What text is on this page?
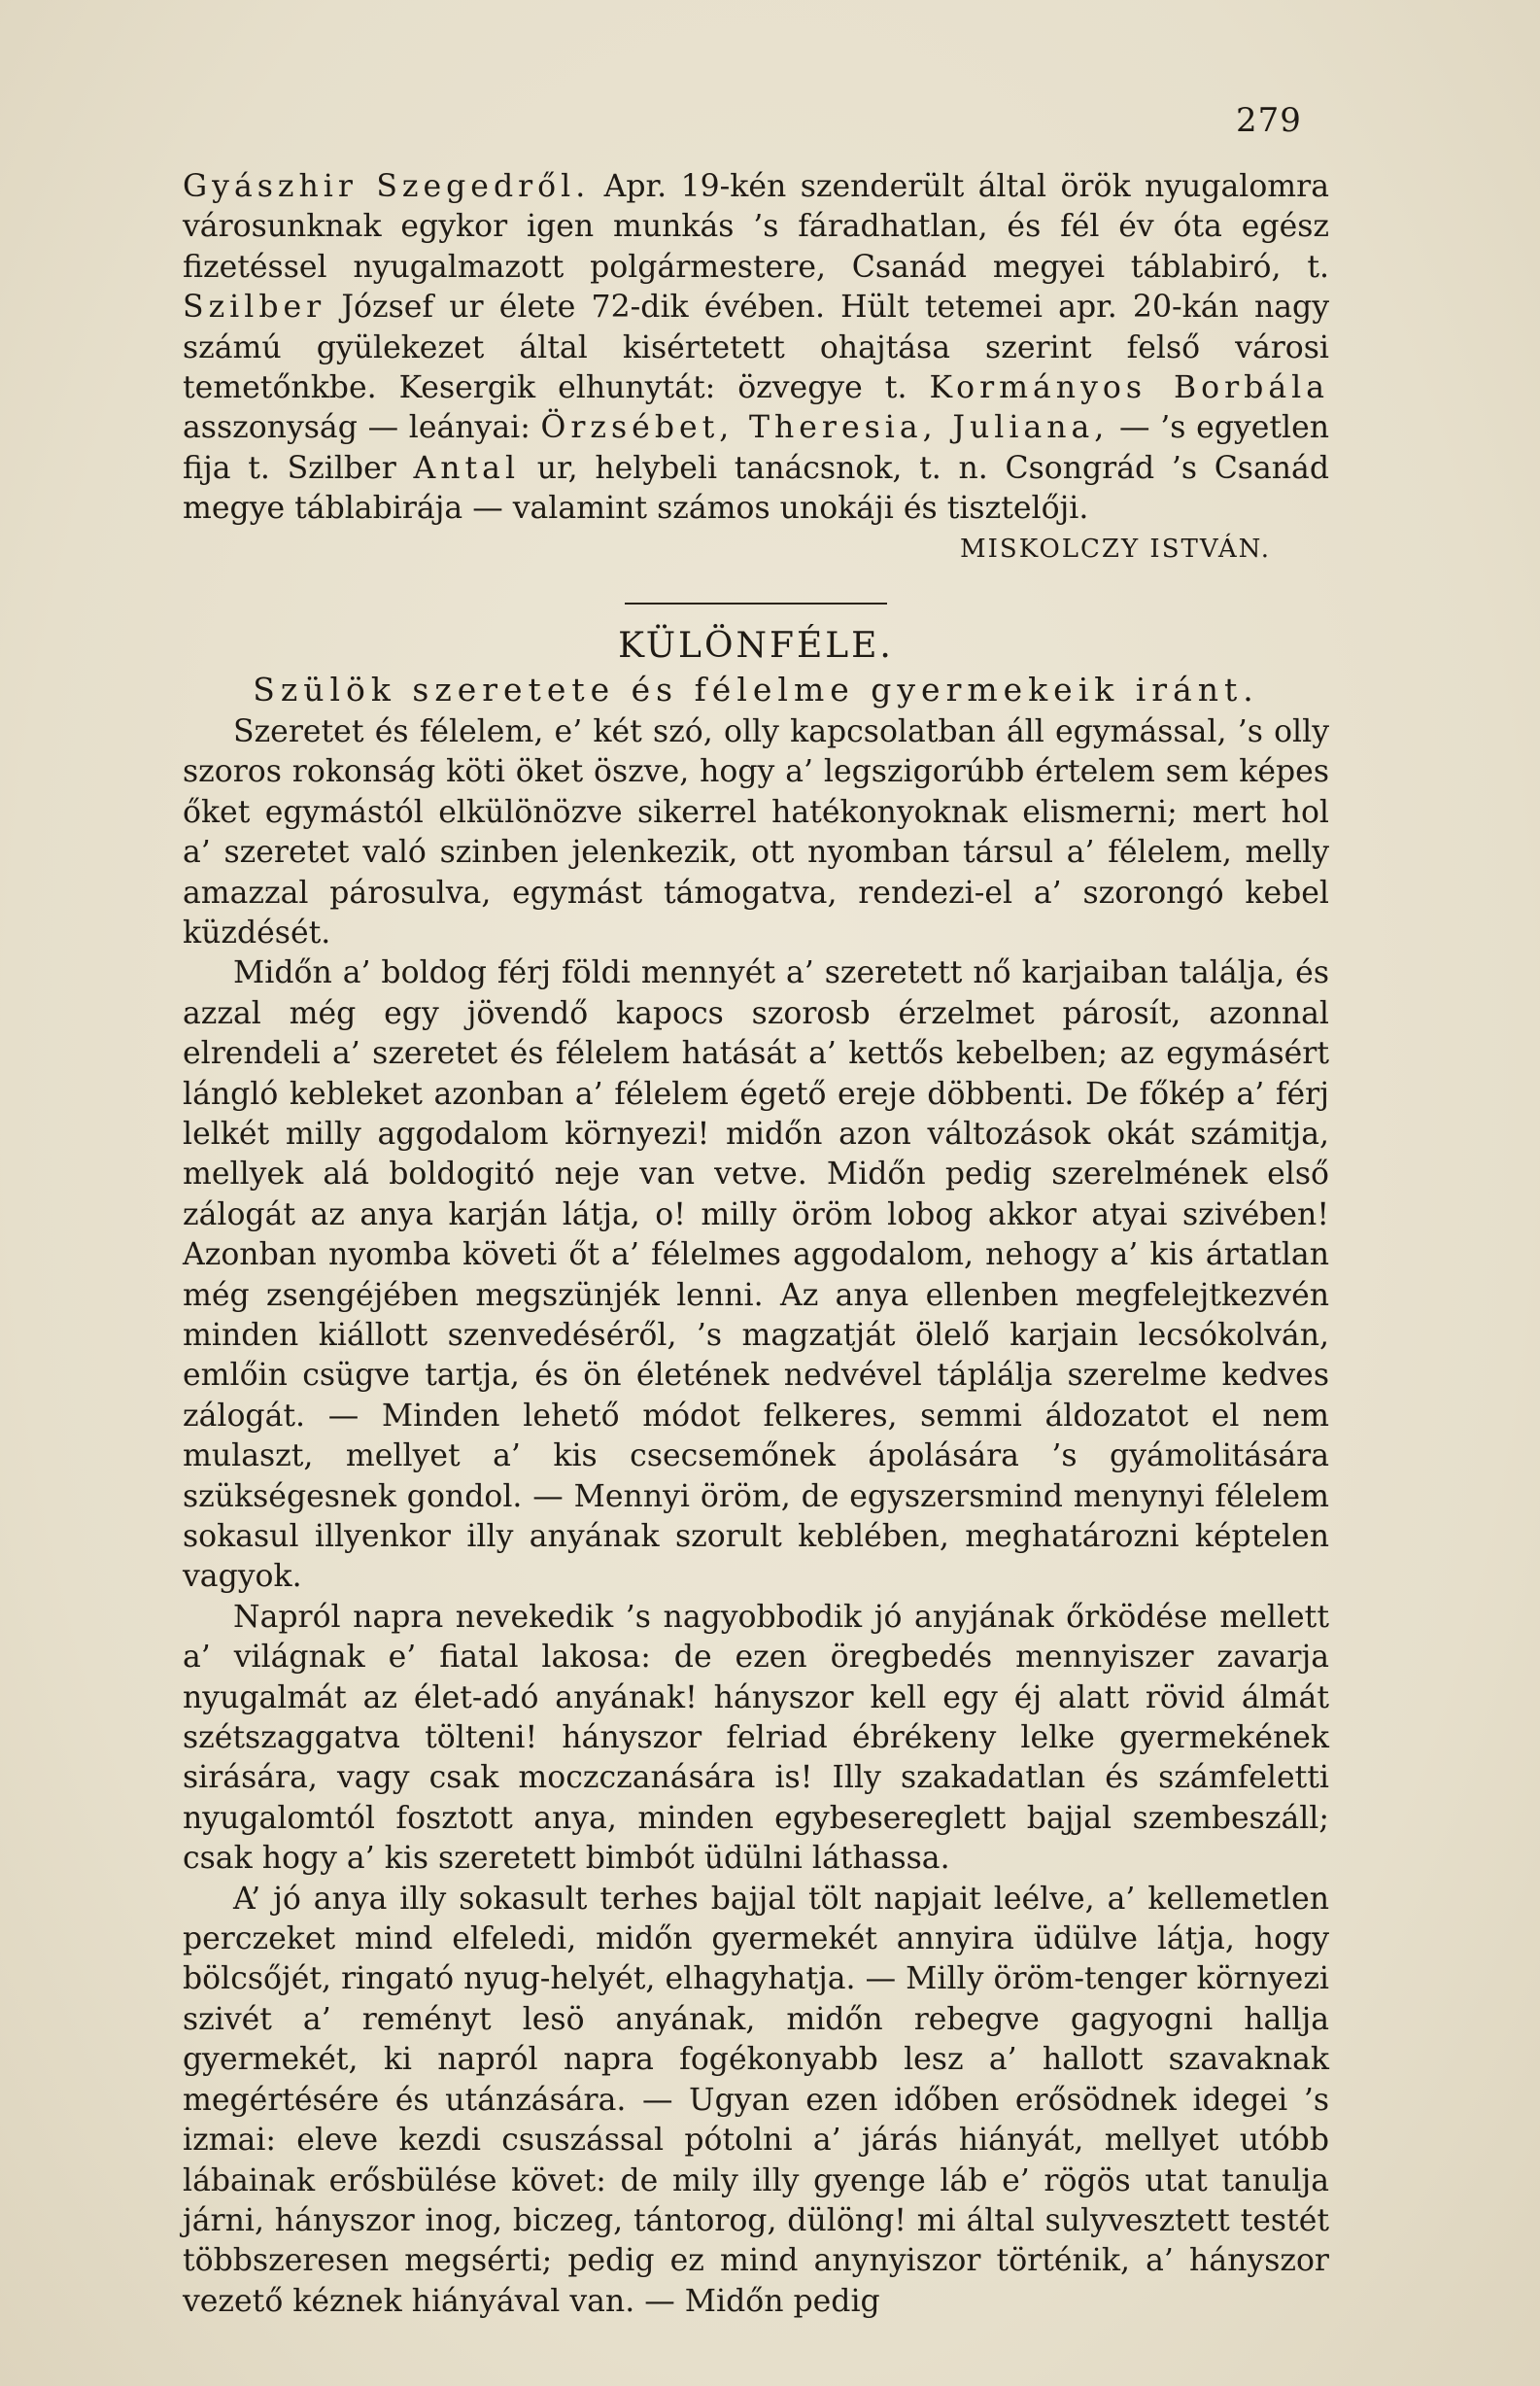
279

Gyászhir Szegedről. Apr. 19-kén szenderült által örök nyugalomra városunknak egykor igen munkás ’s fáradhatlan, és fél év óta egész fizetéssel nyugalmazott polgármestere, Csanád megyei táblabiró, t. Szilber József ur élete 72-dik évében. Hült tetemei apr. 20-kán nagy számú gyülekezet által kisértetett ohajtása szerint felső városi temetőnkbe. Kesergik elhunytát: özvegye t. Kormányos Borbála asszonyság — leányai: Örzsébet, Theresia, Juliana, — ’s egyetlen fija t. Szilber Antal ur, helybeli tanácsnok, t. n. Csongrád ’s Csanád megye táblabirája — valamint számos unokáji és tisztelőji.

MISKOLCZY ISTVÁN.
KÜLÖNFÉLE.
Szülök szeretete és félelme gyermekeik iránt.

Szeretet és félelem, e’ két szó, olly kapcsolatban áll egymással, ’s olly szoros rokonság köti öket öszve, hogy a’ legszigorúbb értelem sem képes őket egymástól elkülönözve sikerrel hatékonyoknak elismerni; mert hol a’ szeretet való szinben jelenkezik, ott nyomban társul a’ félelem, melly amazzal párosulva, egymást támogatva, rendezi-el a’ szorongó kebel küzdését.

Midőn a’ boldog férj földi mennyét a’ szeretett nő karjaiban találja, és azzal még egy jövendő kapocs szorosb érzelmet párosít, azonnal elrendeli a’ szeretet és félelem hatását a’ kettős kebelben; az egymásért lángló kebleket azonban a’ félelem égető ereje döbbenti. De főkép a’ férj lelkét milly aggodalom környezi! midőn azon változások okát számitja, mellyek alá boldogitó neje van vetve. Midőn pedig szerelmének első zálogát az anya karján látja, o! milly öröm lobog akkor atyai szivében! Azonban nyomba követi őt a’ félelmes aggodalom, nehogy a’ kis ártatlan még zsengéjében megszünjék lenni. Az anya ellenben megfelejtkezvén minden kiállott szenvedéséről, ’s magzatját ölelő karjain lecsókolván, emlőin csügve tartja, és ön életének nedvével táplálja szerelme kedves zálogát. — Minden lehető módot felkeres, semmi áldozatot el nem mulaszt, mellyet a’ kis csecsemőnek ápolására ’s gyámolitására szükségesnek gondol. — Mennyi öröm, de egyszersmind menynyi félelem sokasul illyenkor illy anyának szorult keblében, meghatározni képtelen vagyok.

Napról napra nevekedik ’s nagyobbodik jó anyjának őrködése mellett a’ világnak e’ fiatal lakosa: de ezen öregbedés mennyiszer zavarja nyugalmát az élet-adó anyának! hányszor kell egy éj alatt rövid álmát szétszaggatva tölteni! hányszor felriad ébrékeny lelke gyermekének sirására, vagy csak moczczanására is! Illy szakadatlan és számfeletti nyugalomtól fosztott anya, minden egybesereglett bajjal szembeszáll; csak hogy a’ kis szeretett bimbót üdülni láthassa.

A’ jó anya illy sokasult terhes bajjal tölt napjait leélve, a’ kellemetlen perczeket mind elfeledi, midőn gyermekét annyira üdülve látja, hogy bölcsőjét, ringató nyug-helyét, elhagyhatja. — Milly öröm-tenger környezi szivét a’ reményt lesö anyának, midőn rebegve gagyogni hallja gyermekét, ki napról napra fogékonyabb lesz a’ hallott szavaknak megértésére és utánzására. — Ugyan ezen időben erősödnek idegei ’s izmai: eleve kezdi csuszással pótolni a’ járás hiányát, mellyet utóbb lábainak erősbülése követ: de mily illy gyenge láb e’ rögös utat tanulja járni, hányszor inog, biczeg, tántorog, dülöng! mi által sulyvesztett testét többszeresen megsérti; pedig ez mind anynyiszor történik, a’ hányszor vezető kéznek hiányával van. — Midőn pedig
